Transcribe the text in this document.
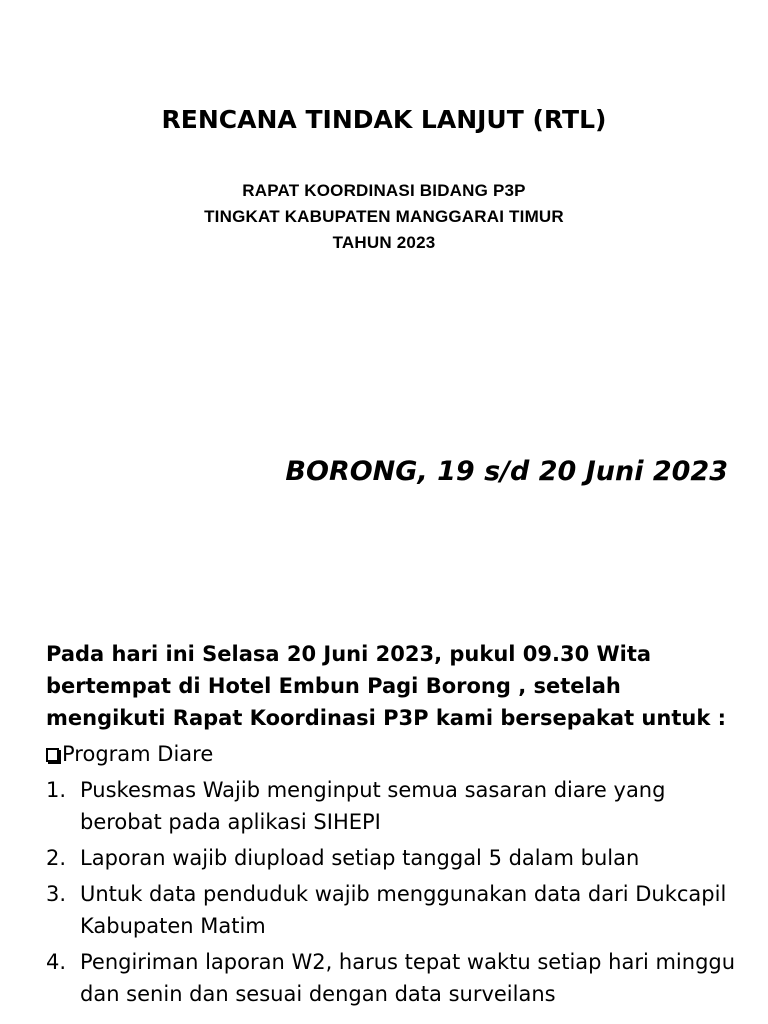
RENCANA TINDAK LANJUT (RTL)
RAPAT KOORDINASI BIDANG P3P
TINGKAT KABUPATEN MANGGARAI TIMUR
TAHUN 2023
BORONG, 19 s/d 20 Juni 2023

Pada hari ini Selasa 20 Juni 2023, pukul 09.30 Wita bertempat di Hotel Embun Pagi Borong , setelah mengikuti Rapat Koordinasi P3P kami bersepakat untuk :

Program Diare
1. Puskesmas Wajib menginput semua sasaran diare yang berobat pada aplikasi SIHEPI
2. Laporan wajib diupload setiap tanggal 5 dalam bulan
3. Untuk data penduduk wajib menggunakan data dari Dukcapil Kabupaten Matim
4. Pengiriman laporan W2, harus tepat waktu setiap hari minggu dan senin dan sesuai dengan data surveilans
